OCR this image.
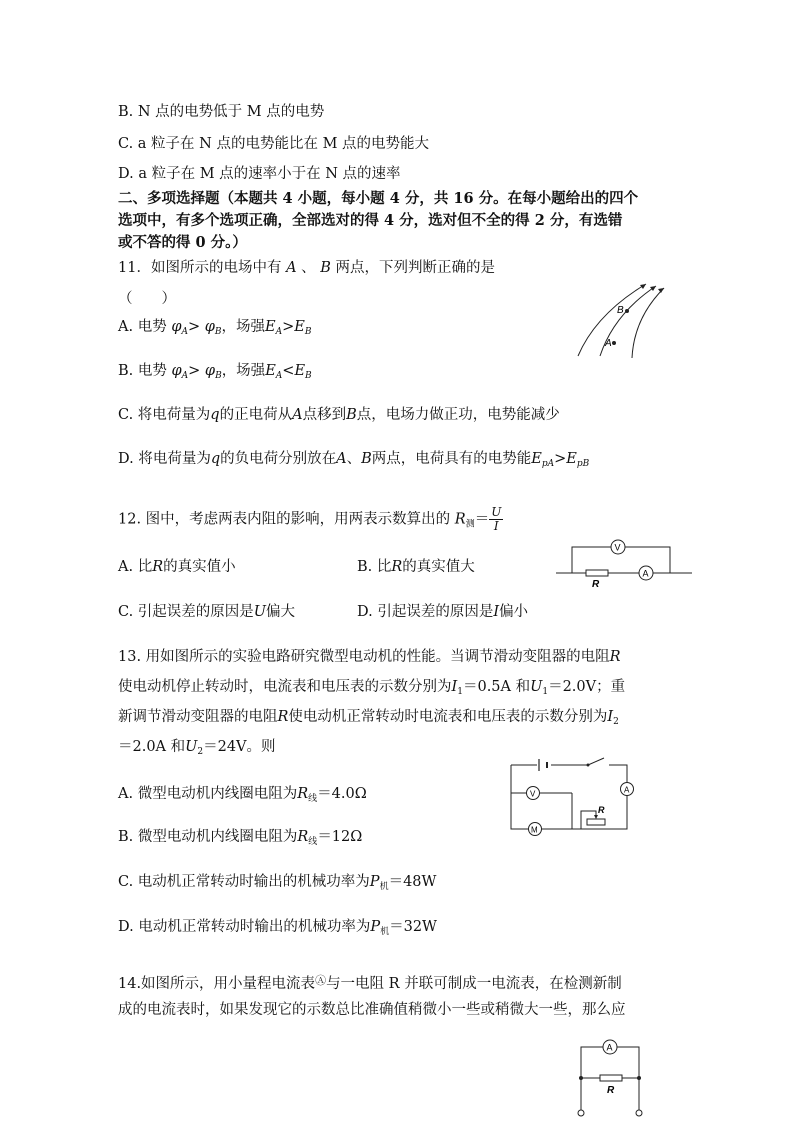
B. N 点的电势低于 M 点的电势
C. a 粒子在 N 点的电势能比在 M 点的电势能大
D. a 粒子在 M 点的速率小于在 N 点的速率
二、多项选择题（本题共 4 小题，每小题 4 分，共 16 分。在每小题给出的四个
选项中，有多个选项正确，全部选对的得 4 分，选对但不全的得 2 分，有选错
或不答的得 0 分。）
11．如图所示的电场中有 A 、 B 两点，下列判断正确的是
（　　）
A. 电势 $\varphi_A> \varphi_B$，场强$E_A>E_B$
B. 电势 $\varphi_A> \varphi_B$，场强$E_A<E_B$
C. 将电荷量为q的正电荷从A点移到B点，电场力做正功，电势能减少
D. 将电荷量为q的负电荷分别放在A、B两点，电荷具有的电势能$E_{pA}>E_{pB}$
B
A
12. 图中，考虑两表内阻的影响，用两表示数算出的 $R_测= \frac{U}{I}$
A. 比R的真实值小	B. 比R的真实值大
C. 引起误差的原因是U偏大	D. 引起误差的原因是I偏小
V
R
A
13. 用如图所示的实验电路研究微型电动机的性能。当调节滑动变阻器的电阻R
使电动机停止转动时，电流表和电压表的示数分别为$I_1=0.5A$ 和$U_1=2.0V$；重
新调节滑动变阻器的电阻R使电动机正常转动时电流表和电压表的示数分别为$I_2$
＝2.0A 和$U_2=24V$。则
A. 微型电动机内线圈电阻为$R_线=4.0\Omega$
B. 微型电动机内线圈电阻为$R_线=12\Omega$
C. 电动机正常转动时输出的机械功率为$P_机=48W$
D. 电动机正常转动时输出的机械功率为$P_机=32W$
A
V
M
R
14.如图所示，用小量程电流表Ⓐ与一电阻 R 并联可制成一电流表，在检测新制
成的电流表时，如果发现它的示数总比准确值稍微小一些或稍微大一些，那么应
A
R
